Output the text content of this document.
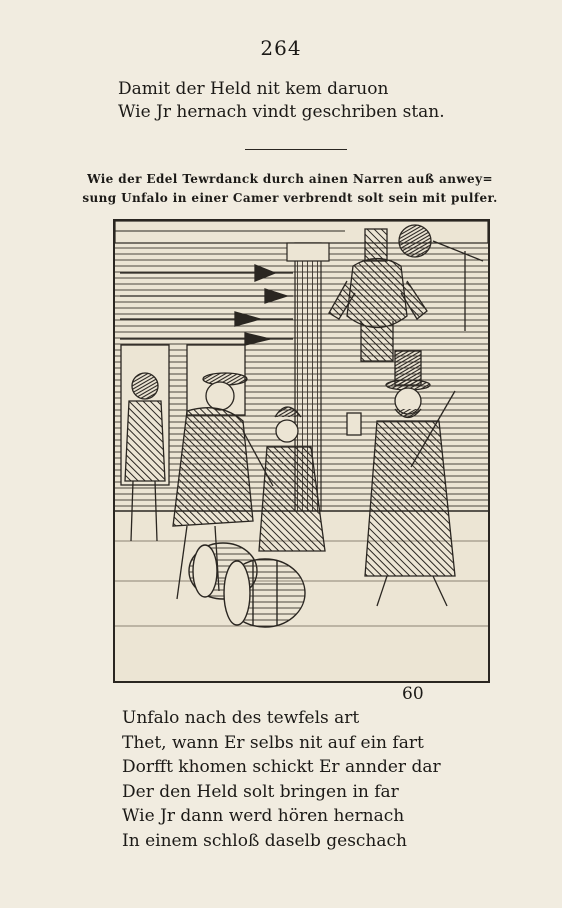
264
Damit der Held nit kem daruon
Wie Jr hernach vindt geschriben stan.
Wie der Edel Tewrdanck durch ainen Narren auß anwey=
sung Unfalo in einer Camer verbrendt solt sein mit pulfer.
60
Unfalo nach des tewfels art
Thet, wann Er selbs nit auf ein fart
Dorfft khomen schickt Er annder dar
Der den Held solt bringen in far
Wie Jr dann werd hören hernach
In einem schloß daselb geschach
